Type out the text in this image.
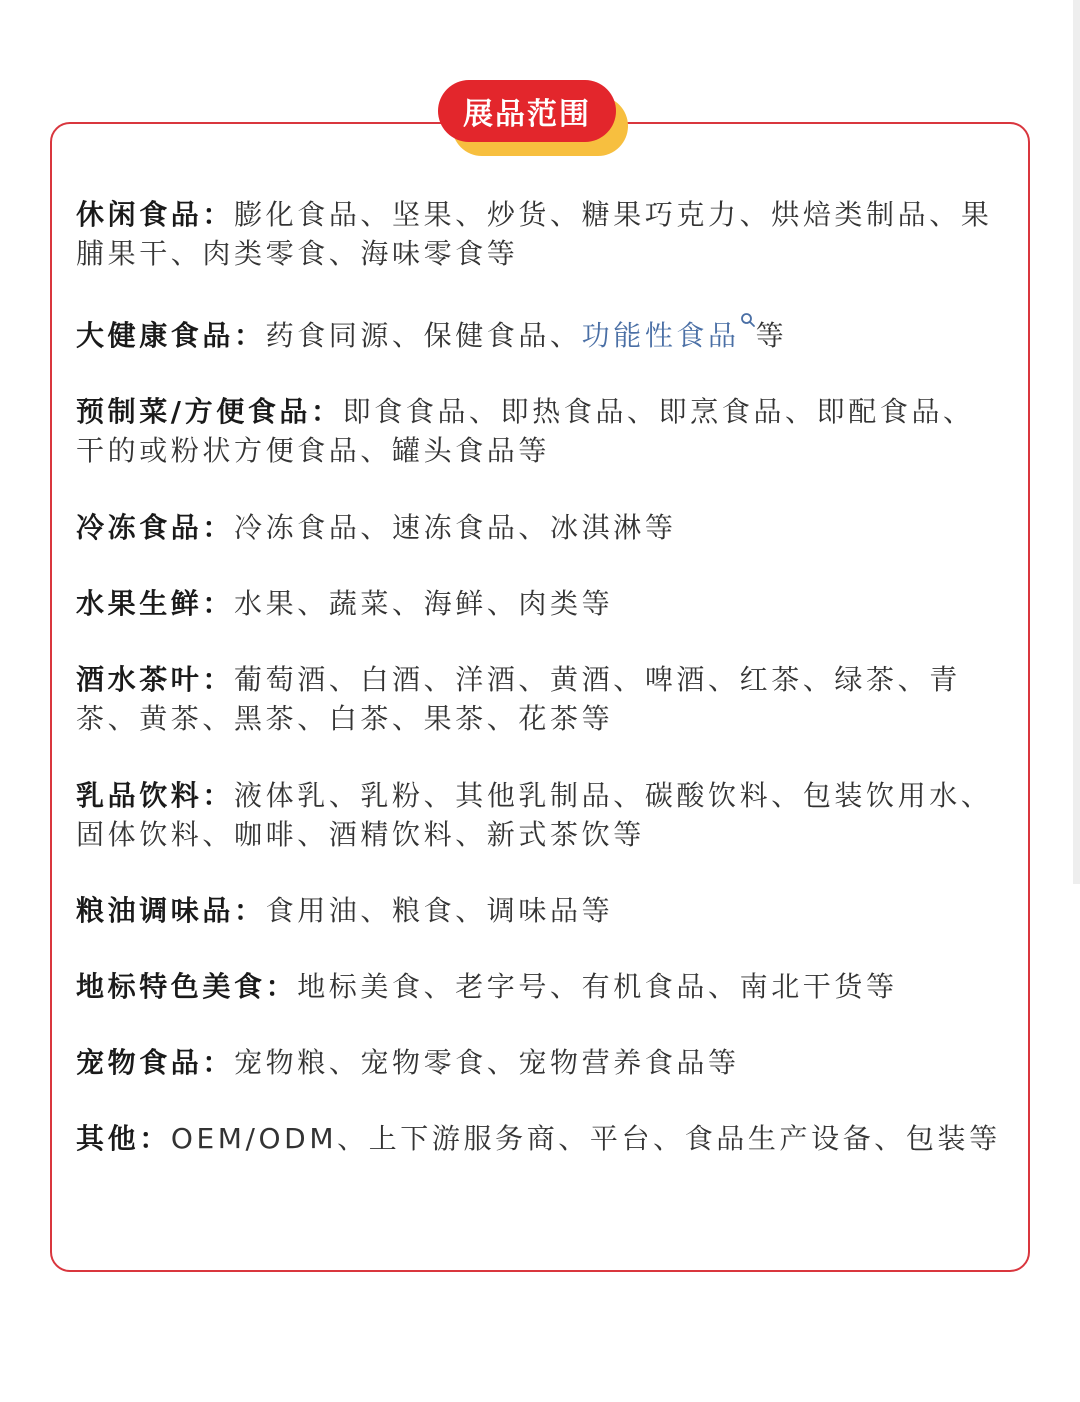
展品范围
休闲食品：膨化食品、坚果、炒货、糖果巧克力、烘焙类制品、果脯果干、肉类零食、海味零食等
大健康食品：药食同源、保健食品、功能性食品 等
预制菜/方便食品：即食食品、即热食品、即烹食品、即配食品、干的或粉状方便食品、罐头食品等
冷冻食品：冷冻食品、速冻食品、冰淇淋等
水果生鲜：水果、蔬菜、海鲜、肉类等
酒水茶叶：葡萄酒、白酒、洋酒、黄酒、啤酒、红茶、绿茶、青茶、黄茶、黑茶、白茶、果茶、花茶等
乳品饮料：液体乳、乳粉、其他乳制品、碳酸饮料、包装饮用水、固体饮料、咖啡、酒精饮料、新式茶饮等
粮油调味品：食用油、粮食、调味品等
地标特色美食：地标美食、老字号、有机食品、南北干货等
宠物食品：宠物粮、宠物零食、宠物营养食品等
其他：OEM/ODM、上下游服务商、平台、食品生产设备、包装等
